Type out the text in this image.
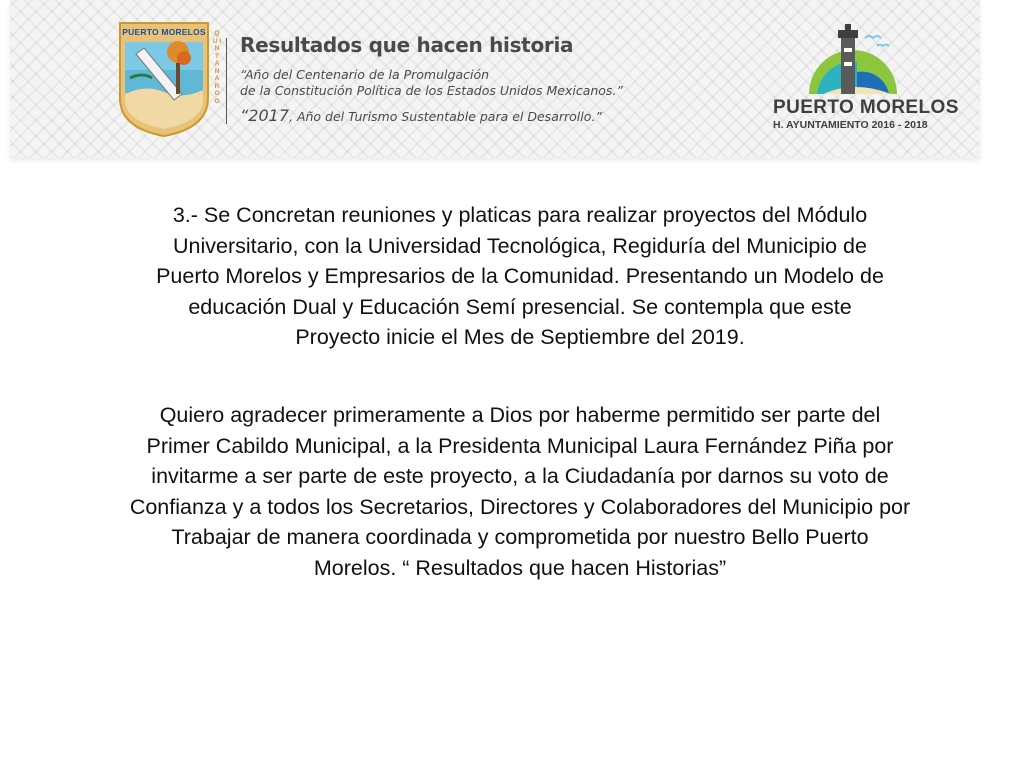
PUERTO MORELOS	Q U I N T A N A R O O
Resultados que hacen historia
“Año del Centenario de la Promulgación
de la Constitución Política de los Estados Unidos Mexicanos.”
“2017, Año del Turismo Sustentable para el Desarrollo.”	PUERTO MORELOS
H. AYUNTAMIENTO 2016 - 2018

3.- Se Concretan reuniones y platicas para realizar proyectos del Módulo
Universitario, con la Universidad Tecnológica, Regiduría del Municipio de
Puerto Morelos y Empresarios de la Comunidad. Presentando un Modelo de
educación Dual y Educación Semí presencial. Se contempla que este
Proyecto inicie el Mes de Septiembre del 2019.

Quiero agradecer primeramente a Dios por haberme permitido ser parte del
Primer Cabildo Municipal, a la Presidenta Municipal Laura Fernández Piña por
invitarme a ser parte de este proyecto, a la Ciudadanía por darnos su voto de
Confianza y a todos los Secretarios, Directores y Colaboradores del Municipio por
Trabajar de manera coordinada y comprometida por nuestro Bello Puerto
Morelos. “ Resultados que hacen Historias”
